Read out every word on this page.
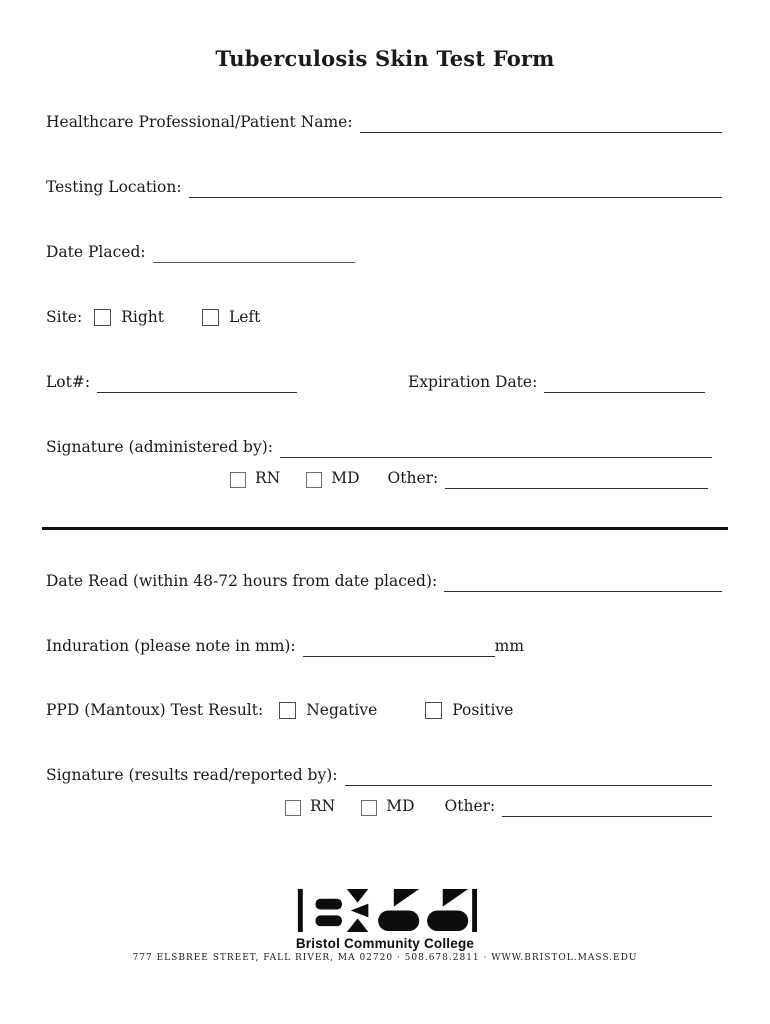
Tuberculosis Skin Test Form
Healthcare Professional/Patient Name:
Testing Location:
Date Placed:
Site:	Right	Left
Lot#:	Expiration Date:
Signature (administered by):
RN	MD Other:
Date Read (within 48-72 hours from date placed):
Induration (please note in mm):	mm
PPD (Mantoux) Test Result:	Negative	Positive
Signature (results read/reported by):
RN	MD Other:
Bristol Community College
777 ELSBREE STREET, FALL RIVER, MA 02720 · 508.678.2811 · WWW.BRISTOL.MASS.EDU
